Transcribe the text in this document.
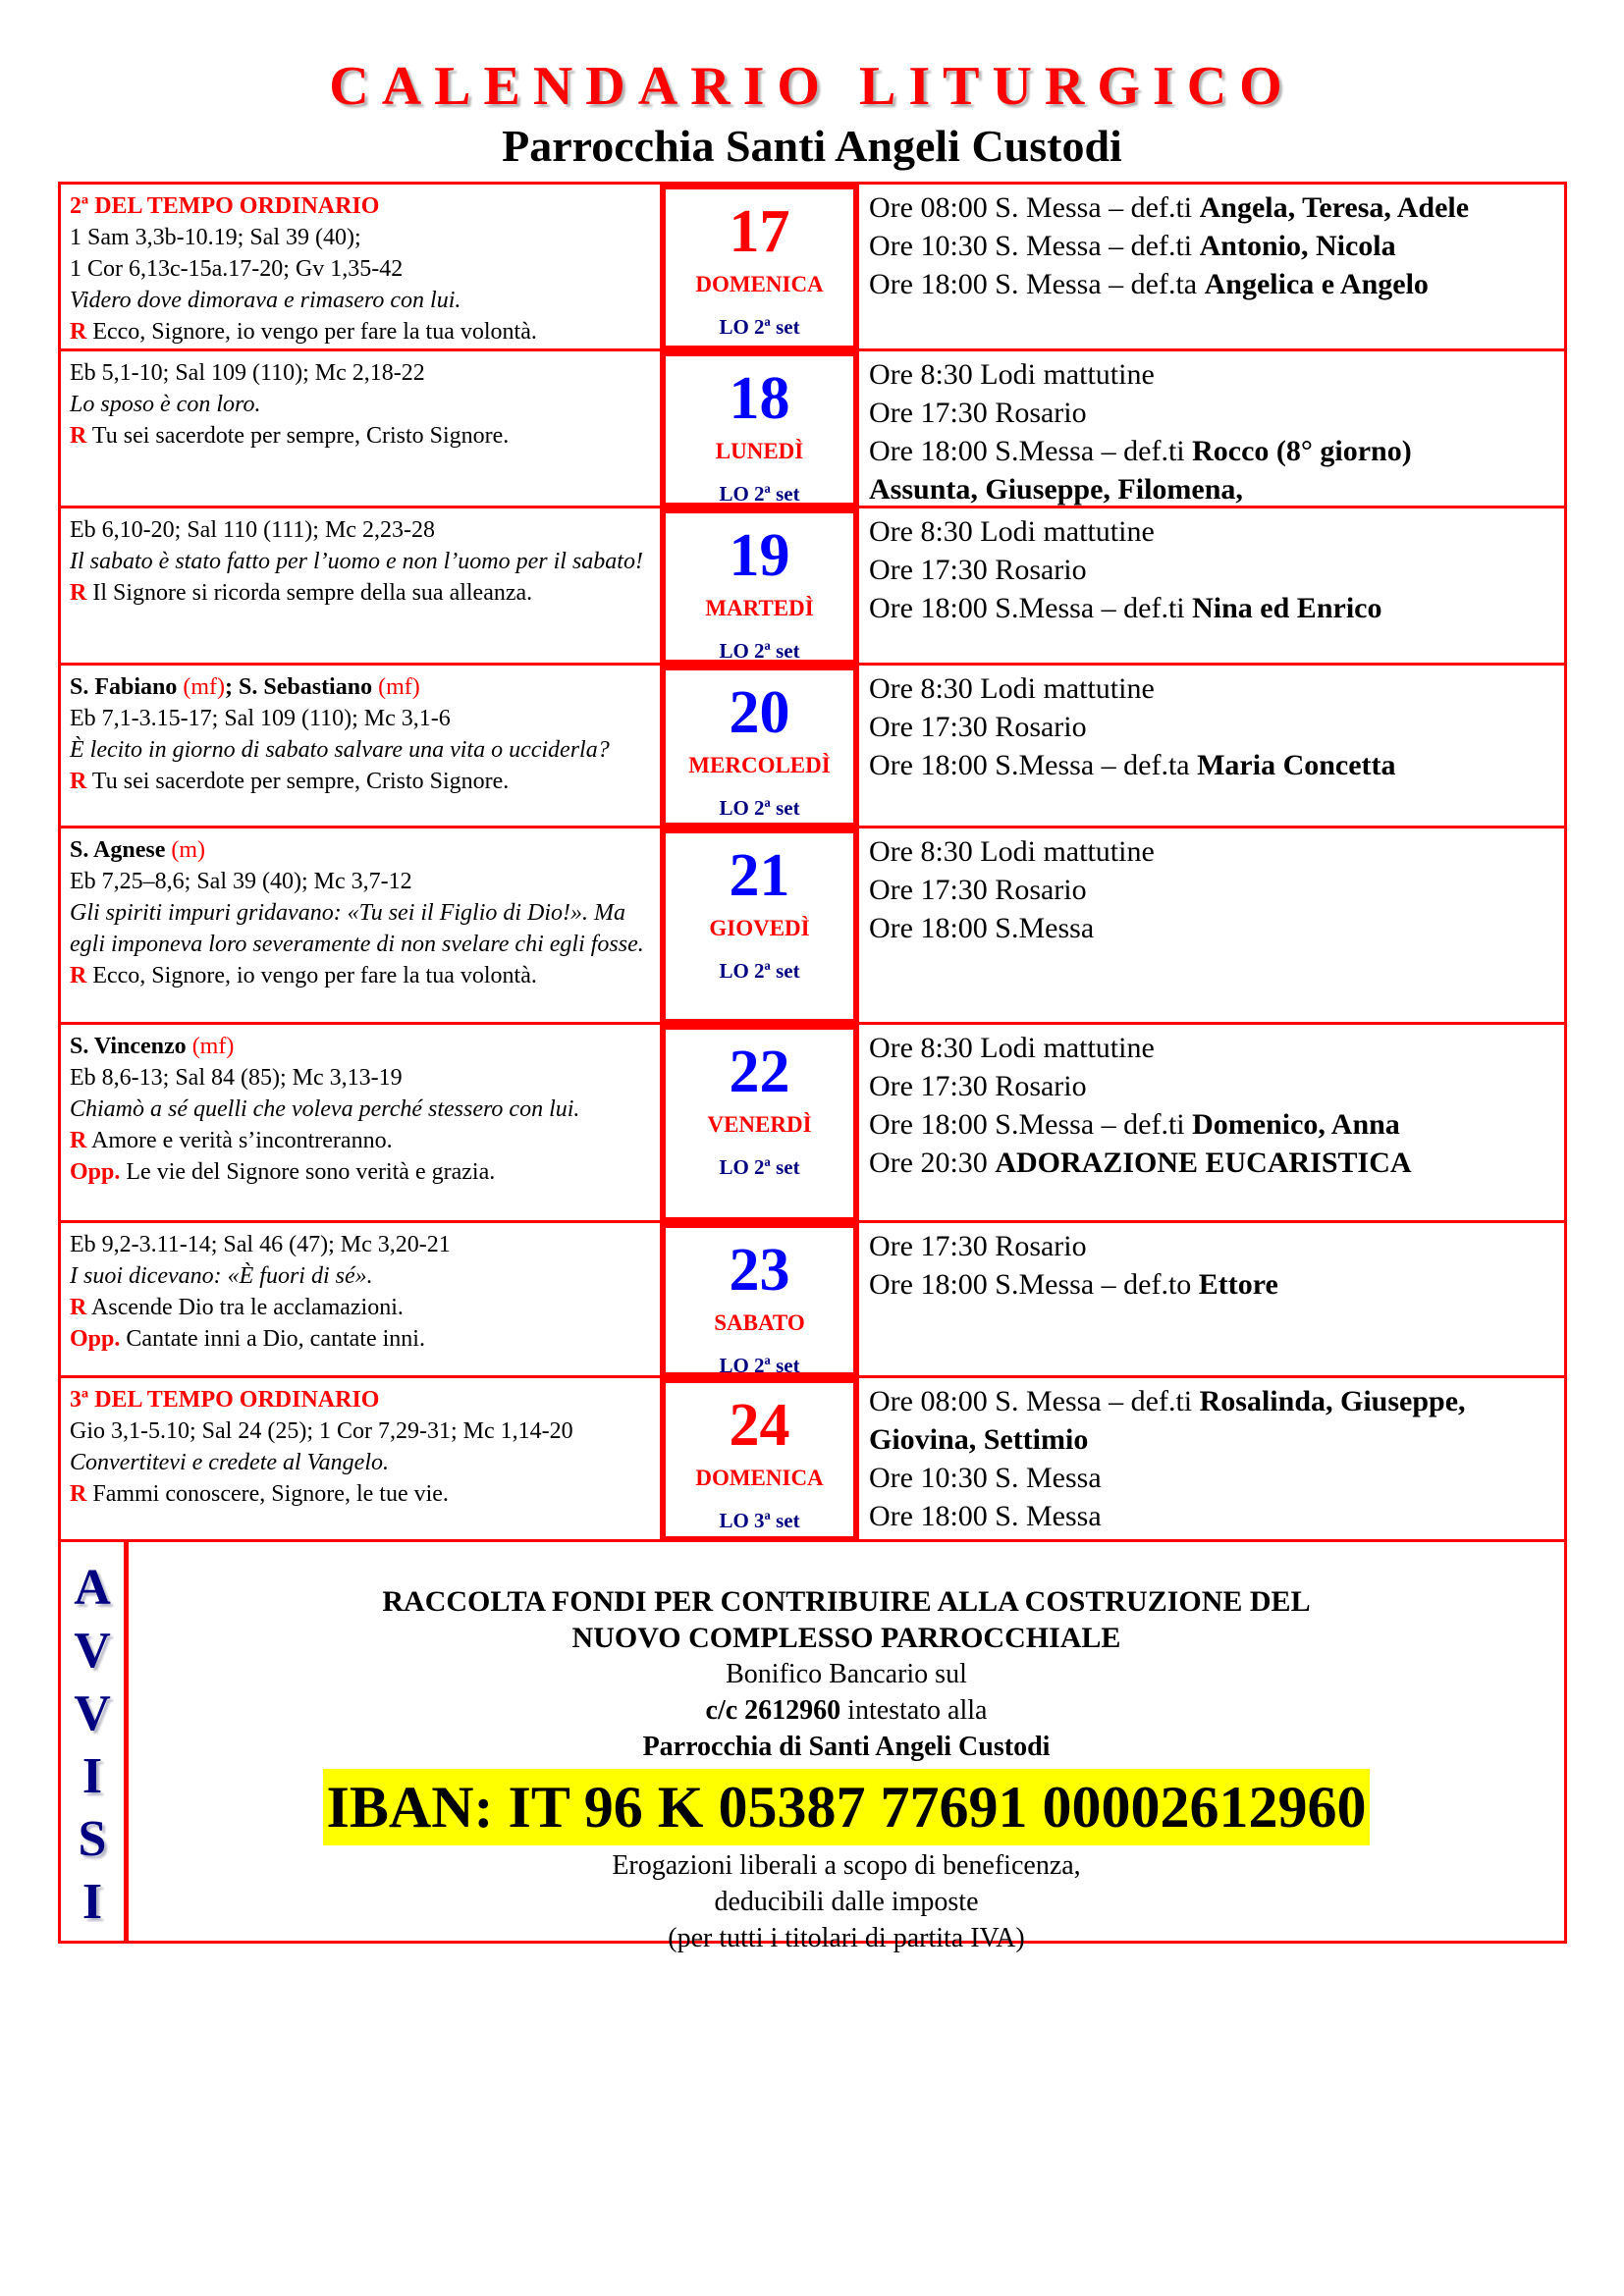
CALENDARIO LITURGICO
Parrocchia Santi Angeli Custodi
2ª DEL TEMPO ORDINARIO
1 Sam 3,3b-10.19; Sal 39 (40);
1 Cor 6,13c-15a.17-20; Gv 1,35-42
Videro dove dimorava e rimasero con lui.
R Ecco, Signore, io vengo per fare la tua volontà.
17
DOMENICA
LO 2ª set
Ore 08:00 S. Messa – def.ti Angela, Teresa, Adele
Ore 10:30 S. Messa – def.ti Antonio, Nicola
Ore 18:00 S. Messa – def.ta Angelica e Angelo
Eb 5,1-10; Sal 109 (110); Mc 2,18-22
Lo sposo è con loro.
R Tu sei sacerdote per sempre, Cristo Signore.
18
LUNEDÌ
LO 2ª set
Ore 8:30 Lodi mattutine
Ore 17:30 Rosario
Ore 18:00 S.Messa – def.ti Rocco (8° giorno)
Assunta, Giuseppe, Filomena,
Eb 6,10-20; Sal 110 (111); Mc 2,23-28
Il sabato è stato fatto per l’uomo e non l’uomo per il sabato!
R Il Signore si ricorda sempre della sua alleanza.
19
MARTEDÌ
LO 2ª set
Ore 8:30 Lodi mattutine
Ore 17:30 Rosario
Ore 18:00 S.Messa – def.ti Nina ed Enrico
S. Fabiano (mf); S. Sebastiano (mf)
Eb 7,1-3.15-17; Sal 109 (110); Mc 3,1-6
È lecito in giorno di sabato salvare una vita o ucciderla?
R Tu sei sacerdote per sempre, Cristo Signore.
20
MERCOLEDÌ
LO 2ª set
Ore 8:30 Lodi mattutine
Ore 17:30 Rosario
Ore 18:00 S.Messa – def.ta Maria Concetta
S. Agnese (m)
Eb 7,25–8,6; Sal 39 (40); Mc 3,7-12
Gli spiriti impuri gridavano: «Tu sei il Figlio di Dio!». Ma egli imponeva loro severamente di non svelare chi egli fosse. R Ecco, Signore, io vengo per fare la tua volontà.
21
GIOVEDÌ
LO 2ª set
Ore 8:30 Lodi mattutine
Ore 17:30 Rosario
Ore 18:00 S.Messa
S. Vincenzo (mf)
Eb 8,6-13; Sal 84 (85); Mc 3,13-19
Chiamò a sé quelli che voleva perché stessero con lui.
R Amore e verità s’incontreranno.
Opp. Le vie del Signore sono verità e grazia.
22
VENERDÌ
LO 2ª set
Ore 8:30 Lodi mattutine
Ore 17:30 Rosario
Ore 18:00 S.Messa – def.ti Domenico, Anna
Ore 20:30 ADORAZIONE EUCARISTICA
Eb 9,2-3.11-14; Sal 46 (47); Mc 3,20-21
I suoi dicevano: «È fuori di sé».
R Ascende Dio tra le acclamazioni.
Opp. Cantate inni a Dio, cantate inni.
23
SABATO
LO 2ª set
Ore 17:30 Rosario
Ore 18:00 S.Messa – def.to Ettore
3ª DEL TEMPO ORDINARIO
Gio 3,1-5.10; Sal 24 (25); 1 Cor 7,29-31; Mc 1,14-20
Convertitevi e credete al Vangelo.
R Fammi conoscere, Signore, le tue vie.
24
DOMENICA
LO 3ª set
Ore 08:00 S. Messa – def.ti Rosalinda, Giuseppe, Giovina, Settimio
Ore 10:30 S. Messa
Ore 18:00 S. Messa
A
V
V
I
S
I
RACCOLTA FONDI PER CONTRIBUIRE ALLA COSTRUZIONE DEL
NUOVO COMPLESSO PARROCCHIALE
Bonifico Bancario sul
c/c 2612960 intestato alla
Parrocchia di Santi Angeli Custodi
IBAN: IT 96 K 05387 77691 00002612960
Erogazioni liberali a scopo di beneficenza,
deducibili dalle imposte
(per tutti i titolari di partita IVA)
